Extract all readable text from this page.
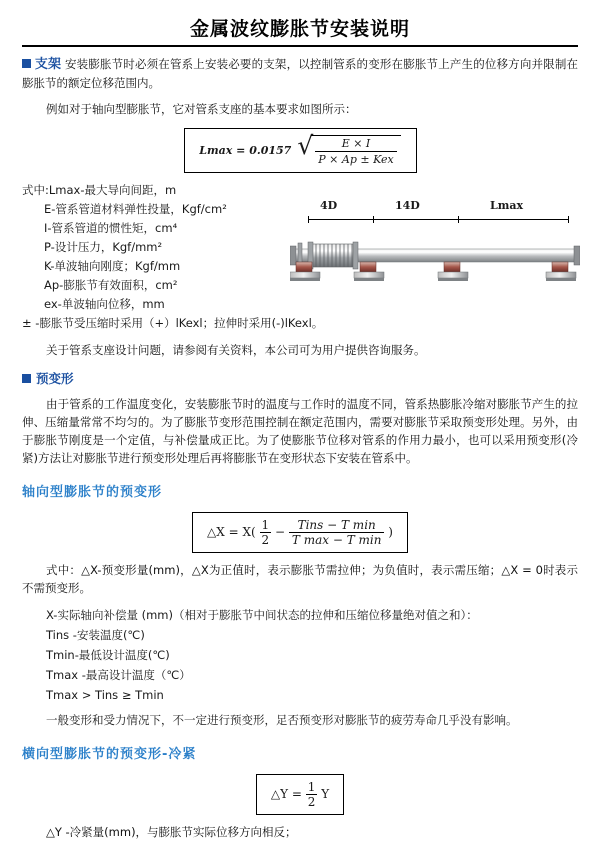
金属波纹膨胀节安装说明
支架 安装膨胀节时必须在管系上安装必要的支架，以控制管系的变形在膨胀节上产生的位移方向并限制在膨胀节的额定位移范围内。
例如对于轴向型膨胀节，它对管系支座的基本要求如图所示：
Lmax = 0.0157 √ $\frac{E \times I}{\text{P × Ap ± Kex}}$
式中:Lmax-最大导向间距，m
E-管系管道材料弹性投量，Kgf/cm²
I-管系管道的惯性矩，cm⁴
P-设计压力，Kgf/mm²
K-单波轴向刚度；Kgf/mm
Ap-膨胀节有效面积，cm²
ex-单波轴向位移，mm
± -膨胀节受压缩时采用（+）lKexl；拉伸时采用(-)lKexl。
关于管系支座设计问题，请参阅有关资料，本公司可为用户提供咨询服务。
预变形
由于管系的工作温度变化，安装膨胀节时的温度与工作时的温度不同，管系热膨胀冷缩对膨胀节产生的拉伸、压缩量常常不均匀的。为了膨胀节变形范围控制在额定范围内，需要对膨胀节采取预变形处理。另外，由于膨胀节刚度是一个定值，与补偿量成正比。为了使膨胀节位移对管系的作用力最小，也可以采用预变形(冷紧)方法让对膨胀节进行预变形处理后再将膨胀节在变形状态下安装在管系中。
轴向型膨胀节的预变形
△X = $X( \frac{1}{2} - \frac{\text{Tins − T min}}{\text{T max − T min}}$ )
式中：△X-预变形量(mm)，△X为正值时，表示膨胀节需拉伸；为负值时，表示需压缩；△X = 0时表示不需预变形。
X-实际轴向补偿量 (mm)（相对于膨胀节中间状态的拉伸和压缩位移量绝对值之和）：
Tins -安装温度(℃)
Tmin-最低设计温度(℃)
Tmax -最高设计温度（℃）
Tmax > Tins ≥ Tmin
一般变形和受力情况下，不一定进行预变形，足否预变形对膨胀节的疲劳寿命几乎没有影响。
横向型膨胀节的预变形-冷紧
△Y = $\frac{1}{2}$ Y
△Y -冷紧量(mm)，与膨胀节实际位移方向相反；
4D	14D	Lmax
